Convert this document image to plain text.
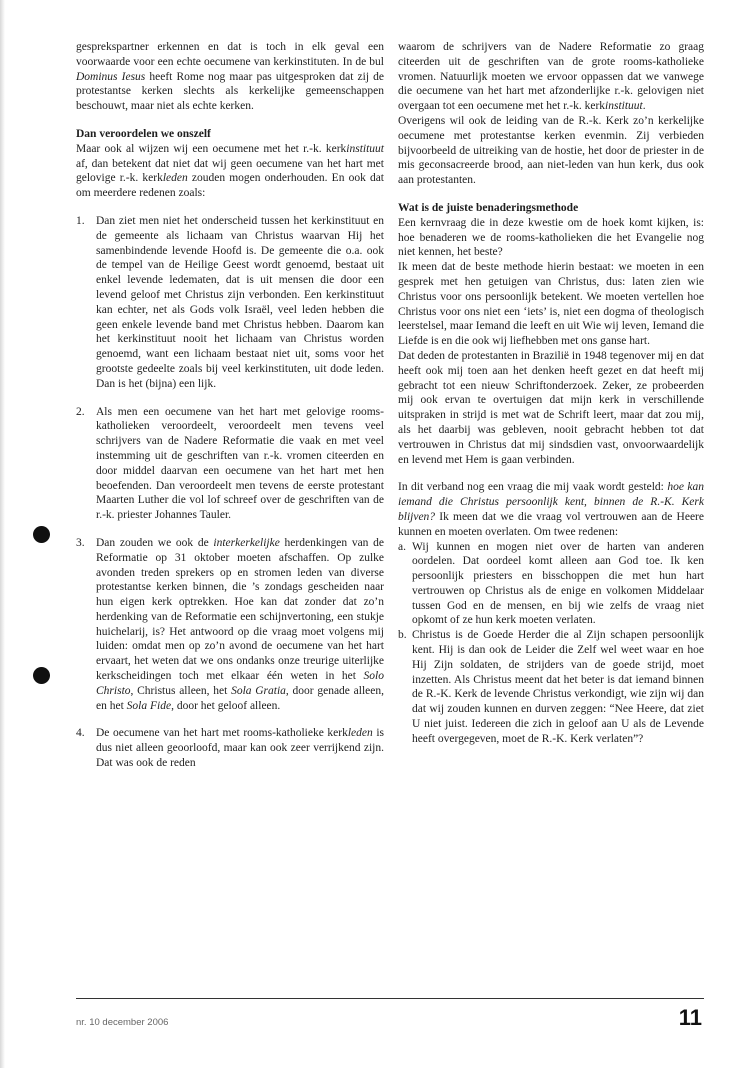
gesprekspartner erkennen en dat is toch in elk geval een voorwaarde voor een echte oecumene van kerkinstituten. In de bul Dominus Iesus heeft Rome nog maar pas uitgesproken dat zij de protestantse kerken slechts als kerkelijke gemeenschappen beschouwt, maar niet als echte kerken.

Dan veroordelen we onszelf

Maar ook al wijzen wij een oecumene met het r.-k. kerkinstituut af, dan betekent dat niet dat wij geen oecumene van het hart met gelovige r.-k. kerkleden zouden mogen onderhouden. En ook dat om meerdere redenen zoals:

1. Dan ziet men niet het onderscheid tussen het kerkinstituut en de gemeente als lichaam van Christus waarvan Hij het samenbindende levende Hoofd is. De gemeente die o.a. ook de tempel van de Heilige Geest wordt genoemd, bestaat uit enkel levende ledematen, dat is uit mensen die door een levend geloof met Christus zijn verbonden. Een kerkinstituut kan echter, net als Gods volk Israël, veel leden hebben die geen enkele levende band met Christus hebben. Daarom kan het kerkinstituut nooit het lichaam van Christus worden genoemd, want een lichaam bestaat niet uit, soms voor het grootste gedeelte zoals bij veel kerkinstituten, uit dode leden. Dan is het (bijna) een lijk.
2. Als men een oecumene van het hart met gelovige rooms-katholieken veroordeelt, veroordeelt men tevens veel schrijvers van de Nadere Reformatie die vaak en met veel instemming uit de geschriften van r.-k. vromen citeerden en door middel daarvan een oecumene van het hart met hen beoefenden. Dan veroordeelt men tevens de eerste protestant Maarten Luther die vol lof schreef over de geschriften van de r.-k. priester Johannes Tauler.
3. Dan zouden we ook de interkerkelijke herdenkingen van de Reformatie op 31 oktober moeten afschaffen. Op zulke avonden treden sprekers op en stromen leden van diverse protestantse kerken binnen, die ’s zondags gescheiden naar hun eigen kerk optrekken. Hoe kan dat zonder dat zo’n herdenking van de Reformatie een schijnvertoning, een stukje huichelarij, is? Het antwoord op die vraag moet volgens mij luiden: omdat men op zo’n avond de oecumene van het hart ervaart, het weten dat we ons ondanks onze treurige uiterlijke kerkscheidingen toch met elkaar één weten in het Solo Christo, Christus alleen, het Sola Gratia, door genade alleen, en het Sola Fide, door het geloof alleen.
4. De oecumene van het hart met rooms-katholieke kerkleden is dus niet alleen geoorloofd, maar kan ook zeer verrijkend zijn. Dat was ook de reden

waarom de schrijvers van de Nadere Reformatie zo graag citeerden uit de geschriften van de grote rooms-katholieke vromen. Natuurlijk moeten we ervoor oppassen dat we vanwege die oecumene van het hart met afzonderlijke r.-k. gelovigen niet overgaan tot een oecumene met het r.-k. kerkinstituut.

Overigens wil ook de leiding van de R.-k. Kerk zo’n kerkelijke oecumene met protestantse kerken evenmin. Zij verbieden bijvoorbeeld de uitreiking van de hostie, het door de priester in de mis geconsacreerde brood, aan niet-leden van hun kerk, dus ook aan protestanten.

Wat is de juiste benaderingsmethode

Een kernvraag die in deze kwestie om de hoek komt kijken, is: hoe benaderen we de rooms-katholieken die het Evangelie nog niet kennen, het beste?

Ik meen dat de beste methode hierin bestaat: we moeten in een gesprek met hen getuigen van Christus, dus: laten zien wie Christus voor ons persoonlijk betekent. We moeten vertellen hoe Christus voor ons niet een ‘iets’ is, niet een dogma of theologisch leerstelsel, maar Iemand die leeft en uit Wie wij leven, Iemand die Liefde is en die ook wij liefhebben met ons ganse hart.

Dat deden de protestanten in Brazilië in 1948 tegenover mij en dat heeft ook mij toen aan het denken heeft gezet en dat heeft mij gebracht tot een nieuw Schriftonderzoek. Zeker, ze probeerden mij ook ervan te overtuigen dat mijn kerk in verschillende uitspraken in strijd is met wat de Schrift leert, maar dat zou mij, als het daarbij was gebleven, nooit gebracht hebben tot dat vertrouwen in Christus dat mij sindsdien vast, onvoorwaardelijk en levend met Hem is gaan verbinden.

In dit verband nog een vraag die mij vaak wordt gesteld: hoe kan iemand die Christus persoonlijk kent, binnen de R.-K. Kerk blijven? Ik meen dat we die vraag vol vertrouwen aan de Heere kunnen en moeten overlaten. Om twee redenen:

a. Wij kunnen en mogen niet over de harten van anderen oordelen. Dat oordeel komt alleen aan God toe. Ik ken persoonlijk priesters en bisschoppen die met hun hart vertrouwen op Christus als de enige en volkomen Middelaar tussen God en de mensen, en bij wie zelfs de vraag niet opkomt of ze hun kerk moeten verlaten.
b. Christus is de Goede Herder die al Zijn schapen persoonlijk kent. Hij is dan ook de Leider die Zelf wel weet waar en hoe Hij Zijn soldaten, de strijders van de goede strijd, moet inzetten. Als Christus meent dat het beter is dat iemand binnen de R.-K. Kerk de levende Christus verkondigt, wie zijn wij dan dat wij zouden kunnen en durven zeggen: “Nee Heere, dat ziet U niet juist. Iedereen die zich in geloof aan U als de Levende heeft overgegeven, moet de R.-K. Kerk verlaten”?
nr. 10 december 2006	11
